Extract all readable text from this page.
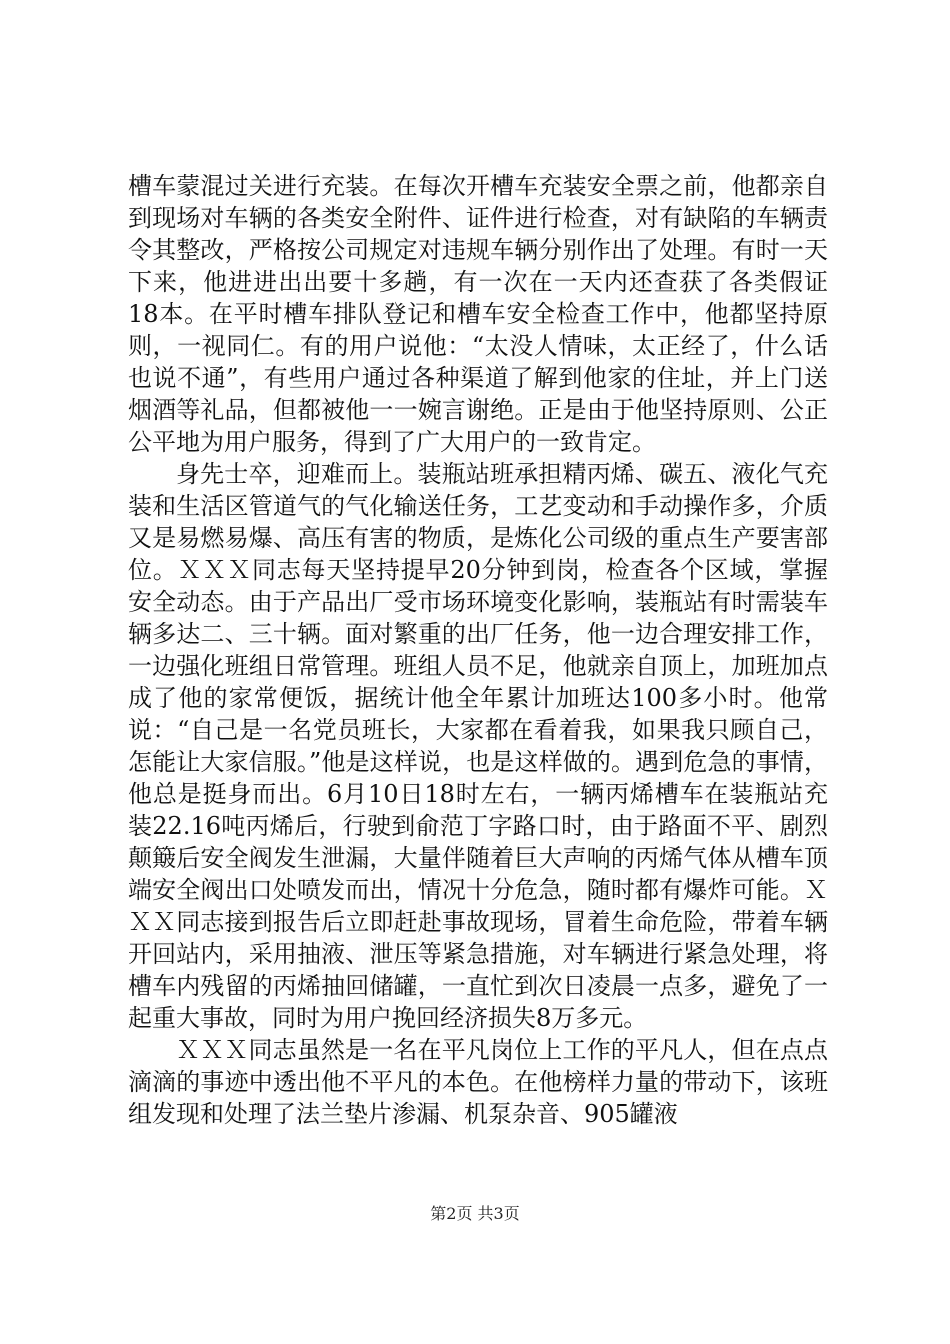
槽车蒙混过关进行充装。在每次开槽车充装安全票之前，他都亲自到现场对车辆的各类安全附件、证件进行检查，对有缺陷的车辆责令其整改，严格按公司规定对违规车辆分别作出了处理。有时一天下来，他进进出出要十多趟，有一次在一天内还查获了各类假证18本。在平时槽车排队登记和槽车安全检查工作中，他都坚持原则，一视同仁。有的用户说他：“太没人情味，太正经了，什么话也说不通”，有些用户通过各种渠道了解到他家的住址，并上门送烟酒等礼品，但都被他一一婉言谢绝。正是由于他坚持原则、公正公平地为用户服务，得到了广大用户的一致肯定。

身先士卒，迎难而上。装瓶站班承担精丙烯、碳五、液化气充装和生活区管道气的气化输送任务，工艺变动和手动操作多，介质又是易燃易爆、高压有害的物质，是炼化公司级的重点生产要害部位。ＸＸＸ同志每天坚持提早20分钟到岗，检查各个区域，掌握安全动态。由于产品出厂受市场环境变化影响，装瓶站有时需装车辆多达二、三十辆。面对繁重的出厂任务，他一边合理安排工作，一边强化班组日常管理。班组人员不足，他就亲自顶上，加班加点成了他的家常便饭，据统计他全年累计加班达100多小时。他常说：“自己是一名党员班长，大家都在看着我，如果我只顾自己，怎能让大家信服。”他是这样说，也是这样做的。遇到危急的事情，他总是挺身而出。6月10日18时左右，一辆丙烯槽车在装瓶站充装22.16吨丙烯后，行驶到俞范丁字路口时，由于路面不平、剧烈颠簸后安全阀发生泄漏，大量伴随着巨大声响的丙烯气体从槽车顶端安全阀出口处喷发而出，情况十分危急，随时都有爆炸可能。ＸＸＸ同志接到报告后立即赶赴事故现场，冒着生命危险，带着车辆开回站内，采用抽液、泄压等紧急措施，对车辆进行紧急处理，将槽车内残留的丙烯抽回储罐，一直忙到次日凌晨一点多，避免了一起重大事故，同时为用户挽回经济损失8万多元。

ＸＸＸ同志虽然是一名在平凡岗位上工作的平凡人，但在点点滴滴的事迹中透出他不平凡的本色。在他榜样力量的带动下，该班组发现和处理了法兰垫片渗漏、机泵杂音、905罐液

第2页 共3页
